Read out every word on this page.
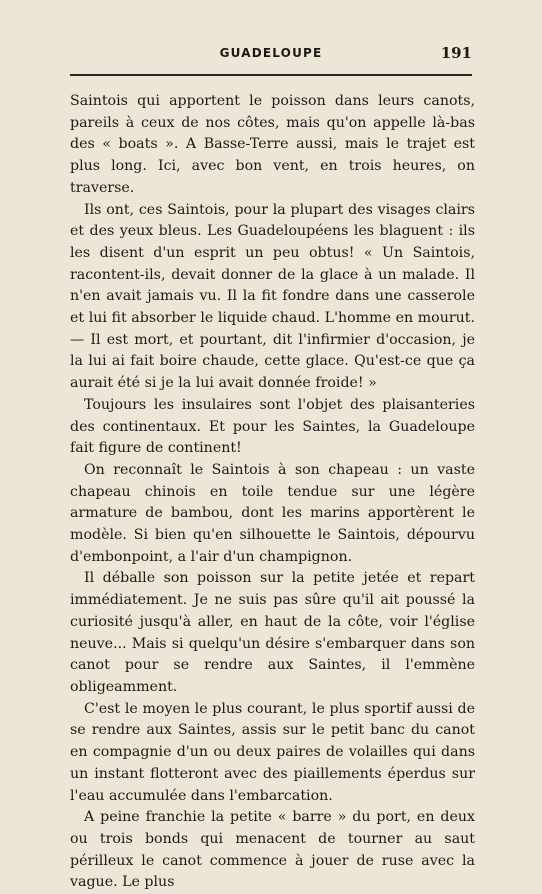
GUADELOUPE	191

Saintois qui apportent le poisson dans leurs canots, pareils à ceux de nos côtes, mais qu'on appelle là-bas des « boats ». A Basse-Terre aussi, mais le trajet est plus long. Ici, avec bon vent, en trois heures, on traverse.

Ils ont, ces Saintois, pour la plupart des visages clairs et des yeux bleus. Les Guadeloupéens les blaguent : ils les disent d'un esprit un peu obtus! « Un Saintois, racontent-ils, devait donner de la glace à un malade. Il n'en avait jamais vu. Il la fit fondre dans une casserole et lui fit absorber le liquide chaud. L'homme en mourut. — Il est mort, et pourtant, dit l'infirmier d'occasion, je la lui ai fait boire chaude, cette glace. Qu'est-ce que ça aurait été si je la lui avait donnée froide! »

Toujours les insulaires sont l'objet des plaisanteries des continentaux. Et pour les Saintes, la Guadeloupe fait figure de continent!

On reconnaît le Saintois à son chapeau : un vaste chapeau chinois en toile tendue sur une légère armature de bambou, dont les marins apportèrent le modèle. Si bien qu'en silhouette le Saintois, dépourvu d'embonpoint, a l'air d'un champignon.

Il déballe son poisson sur la petite jetée et repart immédiatement. Je ne suis pas sûre qu'il ait poussé la curiosité jusqu'à aller, en haut de la côte, voir l'église neuve... Mais si quelqu'un désire s'embarquer dans son canot pour se rendre aux Saintes, il l'emmène obligeamment.

C'est le moyen le plus courant, le plus sportif aussi de se rendre aux Saintes, assis sur le petit banc du canot en compagnie d'un ou deux paires de volailles qui dans un instant flotteront avec des piaillements éperdus sur l'eau accumulée dans l'embarcation.

A peine franchie la petite « barre » du port, en deux ou trois bonds qui menacent de tourner au saut périlleux le canot commence à jouer de ruse avec la vague. Le plus
